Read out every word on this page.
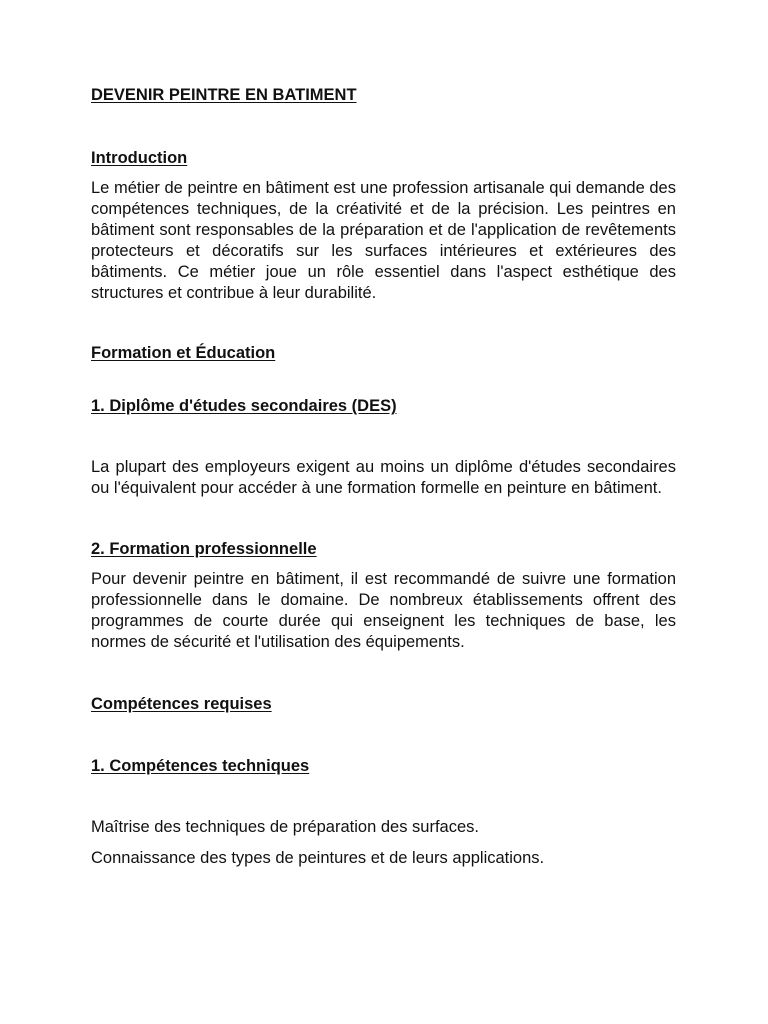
DEVENIR PEINTRE EN BATIMENT

Introduction

Le métier de peintre en bâtiment est une profession artisanale qui demande des compétences techniques, de la créativité et de la précision. Les peintres en bâtiment sont responsables de la préparation et de l'application de revêtements protecteurs et décoratifs sur les surfaces intérieures et extérieures des bâtiments. Ce métier joue un rôle essentiel dans l'aspect esthétique des structures et contribue à leur durabilité.

Formation et Éducation

1. Diplôme d'études secondaires (DES)

La plupart des employeurs exigent au moins un diplôme d'études secondaires ou l'équivalent pour accéder à une formation formelle en peinture en bâtiment.

2. Formation professionnelle

Pour devenir peintre en bâtiment, il est recommandé de suivre une formation professionnelle dans le domaine. De nombreux établissements offrent des programmes de courte durée qui enseignent les techniques de base, les normes de sécurité et l'utilisation des équipements.

Compétences requises

1. Compétences techniques

Maîtrise des techniques de préparation des surfaces.

Connaissance des types de peintures et de leurs applications.
